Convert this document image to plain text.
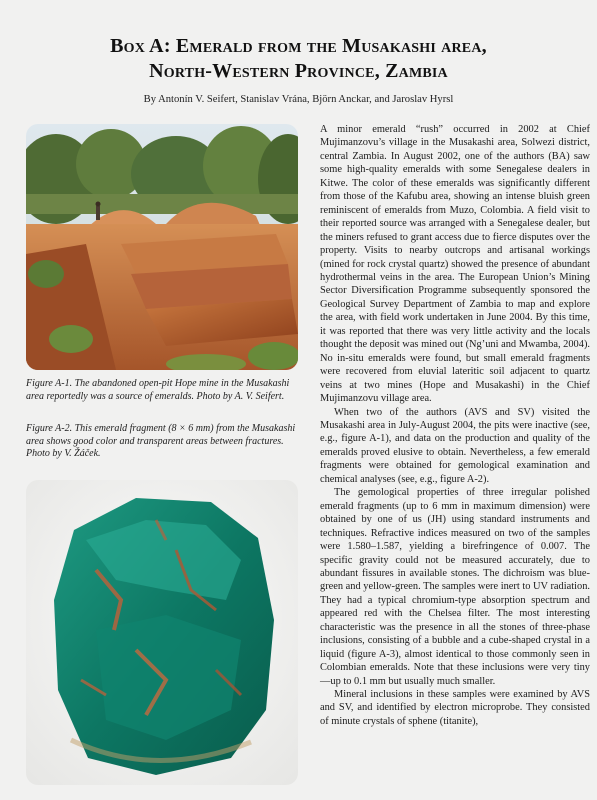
Box A: Emerald from the Musakashi area,
North-Western Province, Zambia
By Antonín V. Seifert, Stanislav Vrána, Björn Anckar, and Jaroslav Hyrsl
Figure A-1. The abandoned open-pit Hope mine in the Musakashi area reportedly was a source of emeralds. Photo by A. V. Seifert.
Figure A-2. This emerald fragment (8 × 6 mm) from the Musakashi area shows good color and transparent areas between fractures. Photo by V. Žáček.

A minor emerald “rush” occurred in 2002 at Chief Mujimanzovu’s village in the Musakashi area, Solwezi district, central Zambia. In August 2002, one of the authors (BA) saw some high-quality emeralds with some Senegalese dealers in Kitwe. The color of these emeralds was significantly different from those of the Kafubu area, showing an intense bluish green reminiscent of emeralds from Muzo, Colombia. A field visit to their reported source was arranged with a Senegalese dealer, but the miners refused to grant access due to fierce disputes over the property. Visits to nearby outcrops and artisanal workings (mined for rock crystal quartz) showed the presence of abundant hydrothermal veins in the area. The European Union’s Mining Sector Diversification Programme subsequently sponsored the Geological Survey Department of Zambia to map and explore the area, with field work undertaken in June 2004. By this time, it was reported that there was very little activity and the locals thought the deposit was mined out (Ng’uni and Mwamba, 2004). No in-situ emeralds were found, but small emerald fragments were recovered from eluvial lateritic soil adjacent to quartz veins at two mines (Hope and Musakashi) in the Chief Mujimanzovu village area.

When two of the authors (AVS and SV) visited the Musakashi area in July-August 2004, the pits were inactive (see, e.g., figure A-1), and data on the production and quality of the emeralds proved elusive to obtain. Nevertheless, a few emerald fragments were obtained for gemological examination and chemical analyses (see, e.g., figure A-2).

The gemological properties of three irregular polished emerald fragments (up to 6 mm in maximum dimension) were obtained by one of us (JH) using standard instruments and techniques. Refractive indices measured on two of the samples were 1.580–1.587, yielding a birefringence of 0.007. The specific gravity could not be measured accurately, due to abundant fissures in available stones. The dichroism was blue-green and yellow-green. The samples were inert to UV radiation. They had a typical chromium-type absorption spectrum and appeared red with the Chelsea filter. The most interesting characteristic was the presence in all the stones of three-phase inclusions, consisting of a bubble and a cube-shaped crystal in a liquid (figure A-3), almost identical to those commonly seen in Colombian emeralds. Note that these inclusions were very tiny—up to 0.1 mm but usually much smaller.

Mineral inclusions in these samples were examined by AVS and SV, and identified by electron microprobe. They consisted of minute crystals of sphene (titanite),
